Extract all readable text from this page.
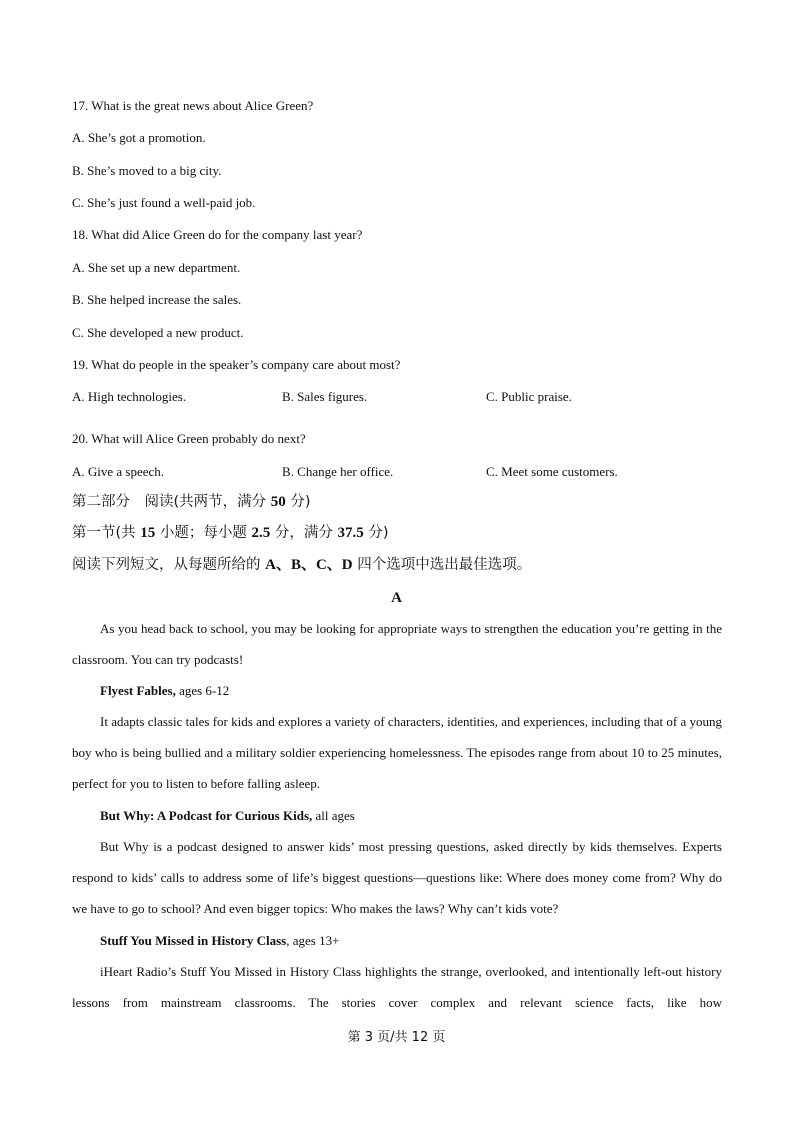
17. What is the great news about Alice Green?
A. She’s got a promotion.
B. She’s moved to a big city.
C. She’s just found a well-paid job.
18. What did Alice Green do for the company last year?
A. She set up a new department.
B. She helped increase the sales.
C. She developed a new product.
19. What do people in the speaker’s company care about most?
A. High technologies.	B. Sales figures.	C. Public praise.
20. What will Alice Green probably do next?
A. Give a speech.	B. Change her office.	C. Meet some customers.
第二部分　阅读(共两节，满分 50 分)
第一节(共 15 小题；每小题 2.5 分，满分 37.5 分)
阅读下列短文，从每题所给的 A、B、C、D 四个选项中选出最佳选项。
A
As you head back to school, you may be looking for appropriate ways to strengthen the education you’re getting in the classroom. You can try podcasts!
Flyest Fables, ages 6-12
It adapts classic tales for kids and explores a variety of characters, identities, and experiences, including that of a young boy who is being bullied and a military soldier experiencing homelessness. The episodes range from about 10 to 25 minutes, perfect for you to listen to before falling asleep.
But Why: A Podcast for Curious Kids, all ages
But Why is a podcast designed to answer kids’ most pressing questions, asked directly by kids themselves. Experts respond to kids’ calls to address some of life’s biggest questions—questions like: Where does money come from? Why do we have to go to school? And even bigger topics: Who makes the laws? Why can’t kids vote?
Stuff You Missed in History Class, ages 13+
iHeart Radio’s Stuff You Missed in History Class highlights the strange, overlooked, and intentionally left-out history lessons from mainstream classrooms. The stories cover complex and relevant science facts, like how
第 3 页/共 12 页
